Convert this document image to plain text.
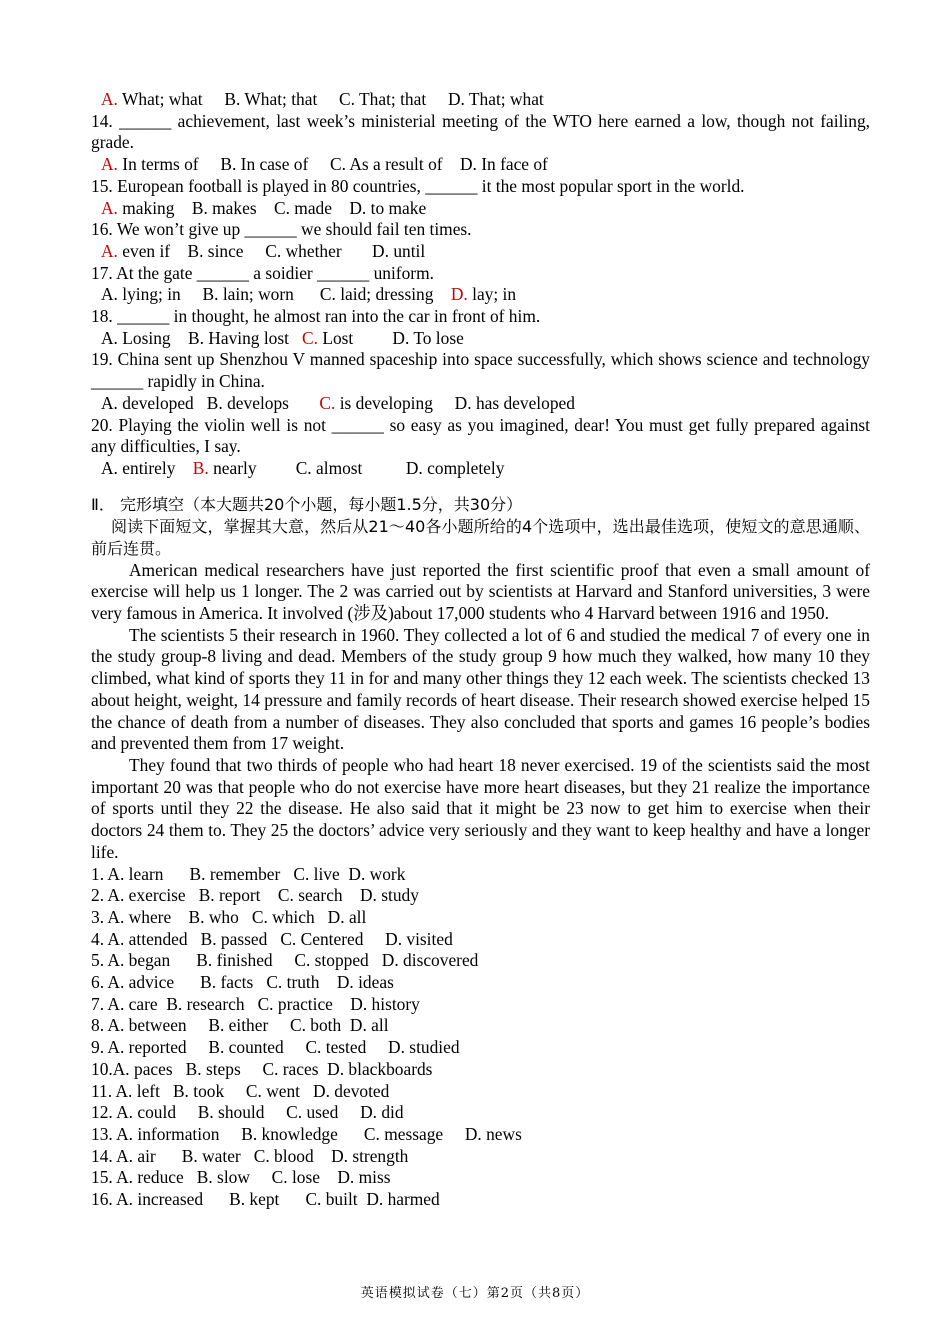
A. What; what B. What; that C. That; that D. That; what
14. ______ achievement, last week’s ministerial meeting of the WTO here earned a low, though not failing, grade.
A. In terms of B. In case of C. As a result of D. In face of
15. European football is played in 80 countries, ______ it the most popular sport in the world.
A. making B. makes C. made D. to make
16. We won’t give up ______ we should fail ten times.
A. even if B. since C. whether D. until
17. At the gate ______ a soidier ______ uniform.
A. lying; in B. lain; worn C. laid; dressing D. lay; in
18. ______ in thought, he almost ran into the car in front of him.
A. Losing B. Having lost C. Lost D. To lose
19. China sent up Shenzhou V manned spaceship into space successfully, which shows science and technology ______ rapidly in China.
A. developed B. develops C. is developing D. has developed
20. Playing the violin well is not ______ so easy as you imagined, dear! You must get fully prepared against any difficulties, I say.
A. entirely B. nearly C. almost D. completely
Ⅱ． 完形填空（本大题共20个小题，每小题1.5分，共30分）
阅读下面短文，掌握其大意，然后从21～40各小题所给的4个选项中，选出最佳选项，使短文的意思通顺、前后连贯。
American medical researchers have just reported the first scientific proof that even a small amount of exercise will help us 1 longer. The 2 was carried out by scientists at Harvard and Stanford universities, 3 were very famous in America. It involved (涉及)about 17,000 students who 4 Harvard between 1916 and 1950.
The scientists 5 their research in 1960. They collected a lot of 6 and studied the medical 7 of every one in the study group-8 living and dead. Members of the study group 9 how much they walked, how many 10 they climbed, what kind of sports they 11 in for and many other things they 12 each week. The scientists checked 13 about height, weight, 14 pressure and family records of heart disease. Their research showed exercise helped 15 the chance of death from a number of diseases. They also concluded that sports and games 16 people’s bodies and prevented them from 17 weight.
They found that two thirds of people who had heart 18 never exercised. 19 of the scientists said the most important 20 was that people who do not exercise have more heart diseases, but they 21 realize the importance of sports until they 22 the disease. He also said that it might be 23 now to get him to exercise when their doctors 24 them to. They 25 the doctors’ advice very seriously and they want to keep healthy and have a longer life.
1. A. learn      B. remember   C. live  D. work
2. A. exercise   B. report    C. search    D. study
3. A. where    B. who   C. which   D. all
4. A. attended   B. passed   C. Centered     D. visited
5. A. began      B. finished     C. stopped   D. discovered
6. A. advice      B. facts   C. truth    D. ideas
7. A. care  B. research   C. practice    D. history
8. A. between     B. either     C. both  D. all
9. A. reported     B. counted     C. tested     D. studied
10.A. paces   B. steps     C. races  D. blackboards
11. A. left   B. took     C. went   D. devoted
12. A. could     B. should     C. used     D. did
13. A. information     B. knowledge      C. message     D. news
14. A. air      B. water   C. blood    D. strength
15. A. reduce   B. slow     C. lose    D. miss
16. A. increased      B. kept      C. built  D. harmed
英语模拟试卷（七）第2页（共8页）
